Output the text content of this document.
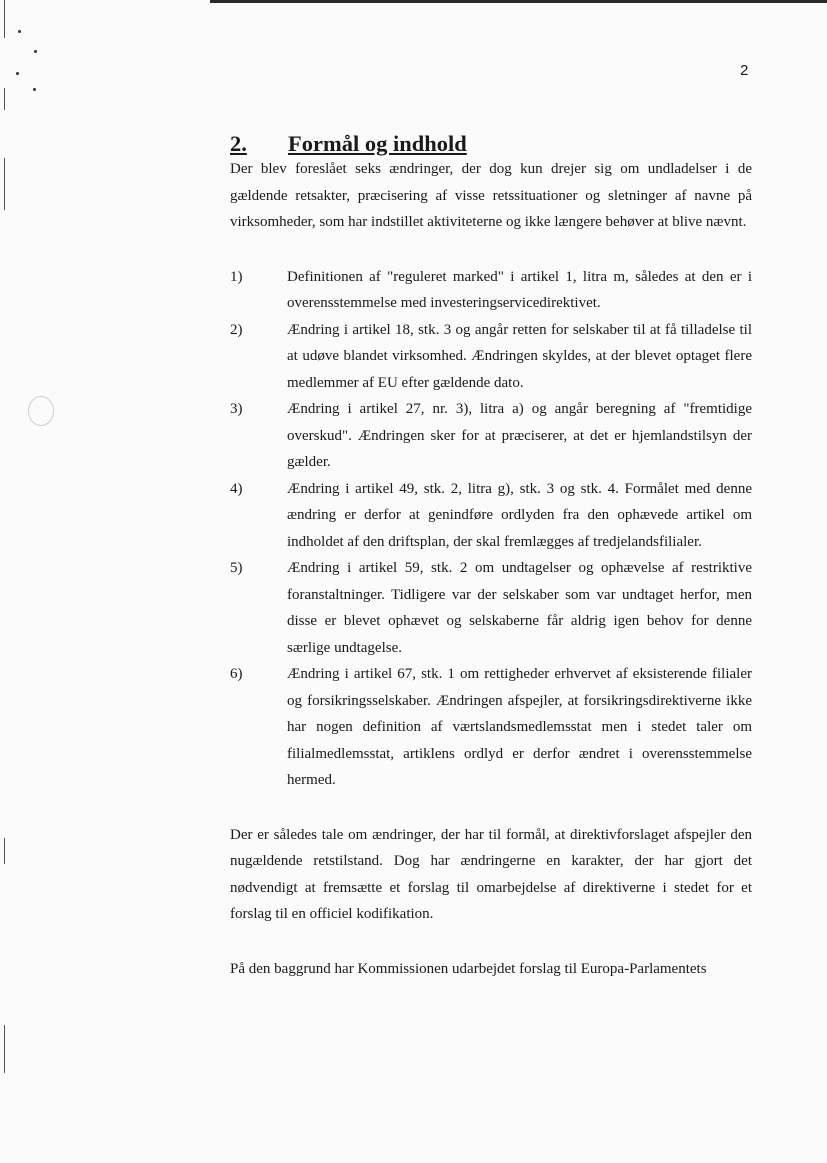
2
2. Formål og indhold

Der blev foreslået seks ændringer, der dog kun drejer sig om undladelser i de gældende retsakter, præcisering af visse retssituationer og sletninger af navne på virksomheder, som har indstillet aktiviteterne og ikke længere behøver at blive nævnt.

1)	Definitionen af "reguleret marked" i artikel 1, litra m, således at den er i overensstemmelse med investeringservicedirektivet.
2)	Ændring i artikel 18, stk. 3 og angår retten for selskaber til at få tilladelse til at udøve blandet virksomhed. Ændringen skyldes, at der blevet optaget flere medlemmer af EU efter gældende dato.
3)	Ændring i artikel 27, nr. 3), litra a) og angår beregning af "fremtidige overskud". Ændringen sker for at præciserer, at det er hjemlandstilsyn der gælder.
4)	Ændring i artikel 49, stk. 2, litra g), stk. 3 og stk. 4. Formålet med denne ændring er derfor at genindføre ordlyden fra den ophævede artikel om indholdet af den driftsplan, der skal fremlægges af tredjelandsfilialer.
5)	Ændring i artikel 59, stk. 2 om undtagelser og ophævelse af restriktive foranstaltninger. Tidligere var der selskaber som var undtaget herfor, men disse er blevet ophævet og selskaberne får aldrig igen behov for denne særlige undtagelse.
6)	Ændring i artikel 67, stk. 1 om rettigheder erhvervet af eksisterende filialer og forsikringsselskaber. Ændringen afspejler, at forsikringsdirektiverne ikke har nogen definition af værtslandsmedlemsstat men i stedet taler om filialmedlemsstat, artiklens ordlyd er derfor ændret i overensstemmelse hermed.

Der er således tale om ændringer, der har til formål, at direktivforslaget afspejler den nugældende retstilstand. Dog har ændringerne en karakter, der har gjort det nødvendigt at fremsætte et forslag til omarbejdelse af direktiverne i stedet for et forslag til en officiel kodifikation.

På den baggrund har Kommissionen udarbejdet forslag til Europa-Parlamentets
